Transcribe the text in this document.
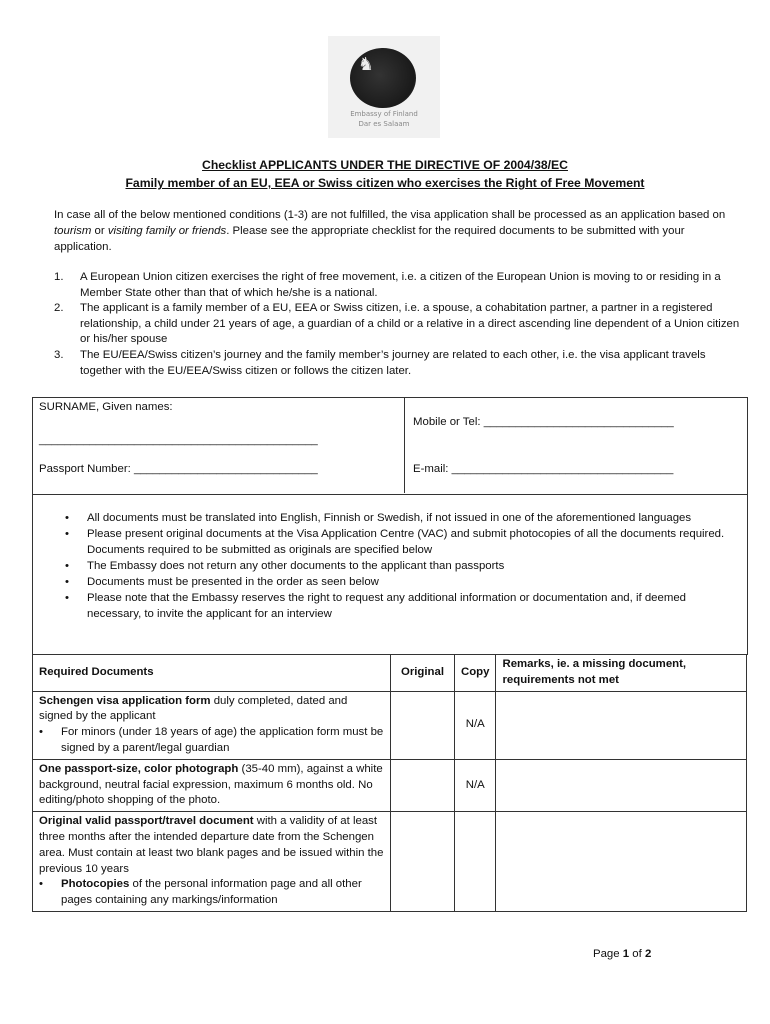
♞
Embassy of Finland
Dar es Salaam
Checklist APPLICANTS UNDER THE DIRECTIVE OF 2004/38/EC
Family member of an EU, EEA or Swiss citizen who exercises the Right of Free Movement
In case all of the below mentioned conditions (1-3) are not fulfilled, the visa application shall be processed as an application based on tourism or visiting family or friends. Please see the appropriate checklist for the required documents to be submitted with your application.
1. A European Union citizen exercises the right of free movement, i.e. a citizen of the European Union is moving to or residing in a Member State other than that of which he/she is a national.
2. The applicant is a family member of a EU, EEA or Swiss citizen, i.e. a spouse, a cohabitation partner, a partner in a registered relationship, a child under 21 years of age, a guardian of a child or a relative in a direct ascending line dependent of a Union citizen or his/her spouse
3. The EU/EEA/Swiss citizen’s journey and the family member’s journey are related to each other, i.e. the visa applicant travels together with the EU/EEA/Swiss citizen or follows the citizen later.
SURNAME, Given names:
____________________________________________
Mobile or Tel: ______________________________
Passport Number: _____________________________	E-mail: ___________________________________
• All documents must be translated into English, Finnish or Swedish, if not issued in one of the aforementioned languages
• Please present original documents at the Visa Application Centre (VAC) and submit photocopies of all the documents required. Documents required to be submitted as originals are specified below
• The Embassy does not return any other documents to the applicant than passports
• Documents must be presented in the order as seen below
• Please note that the Embassy reserves the right to request any additional information or documentation and, if deemed necessary, to invite the applicant for an interview
Required Documents	Original	Copy	Remarks, ie. a missing document, requirements not met
Schengen visa application form duly completed, dated and signed by the applicant
• For minors (under 18 years of age) the application form must be signed by a parent/legal guardian		N/A	
One passport-size, color photograph (35-40 mm), against a white background, neutral facial expression, maximum 6 months old. No editing/photo shopping of the photo.		N/A	
Original valid passport/travel document with a validity of at least three months after the intended departure date from the Schengen area. Must contain at least two blank pages and be issued within the previous 10 years
• Photocopies of the personal information page and all other pages containing any markings/information			

Page 1 of 2
